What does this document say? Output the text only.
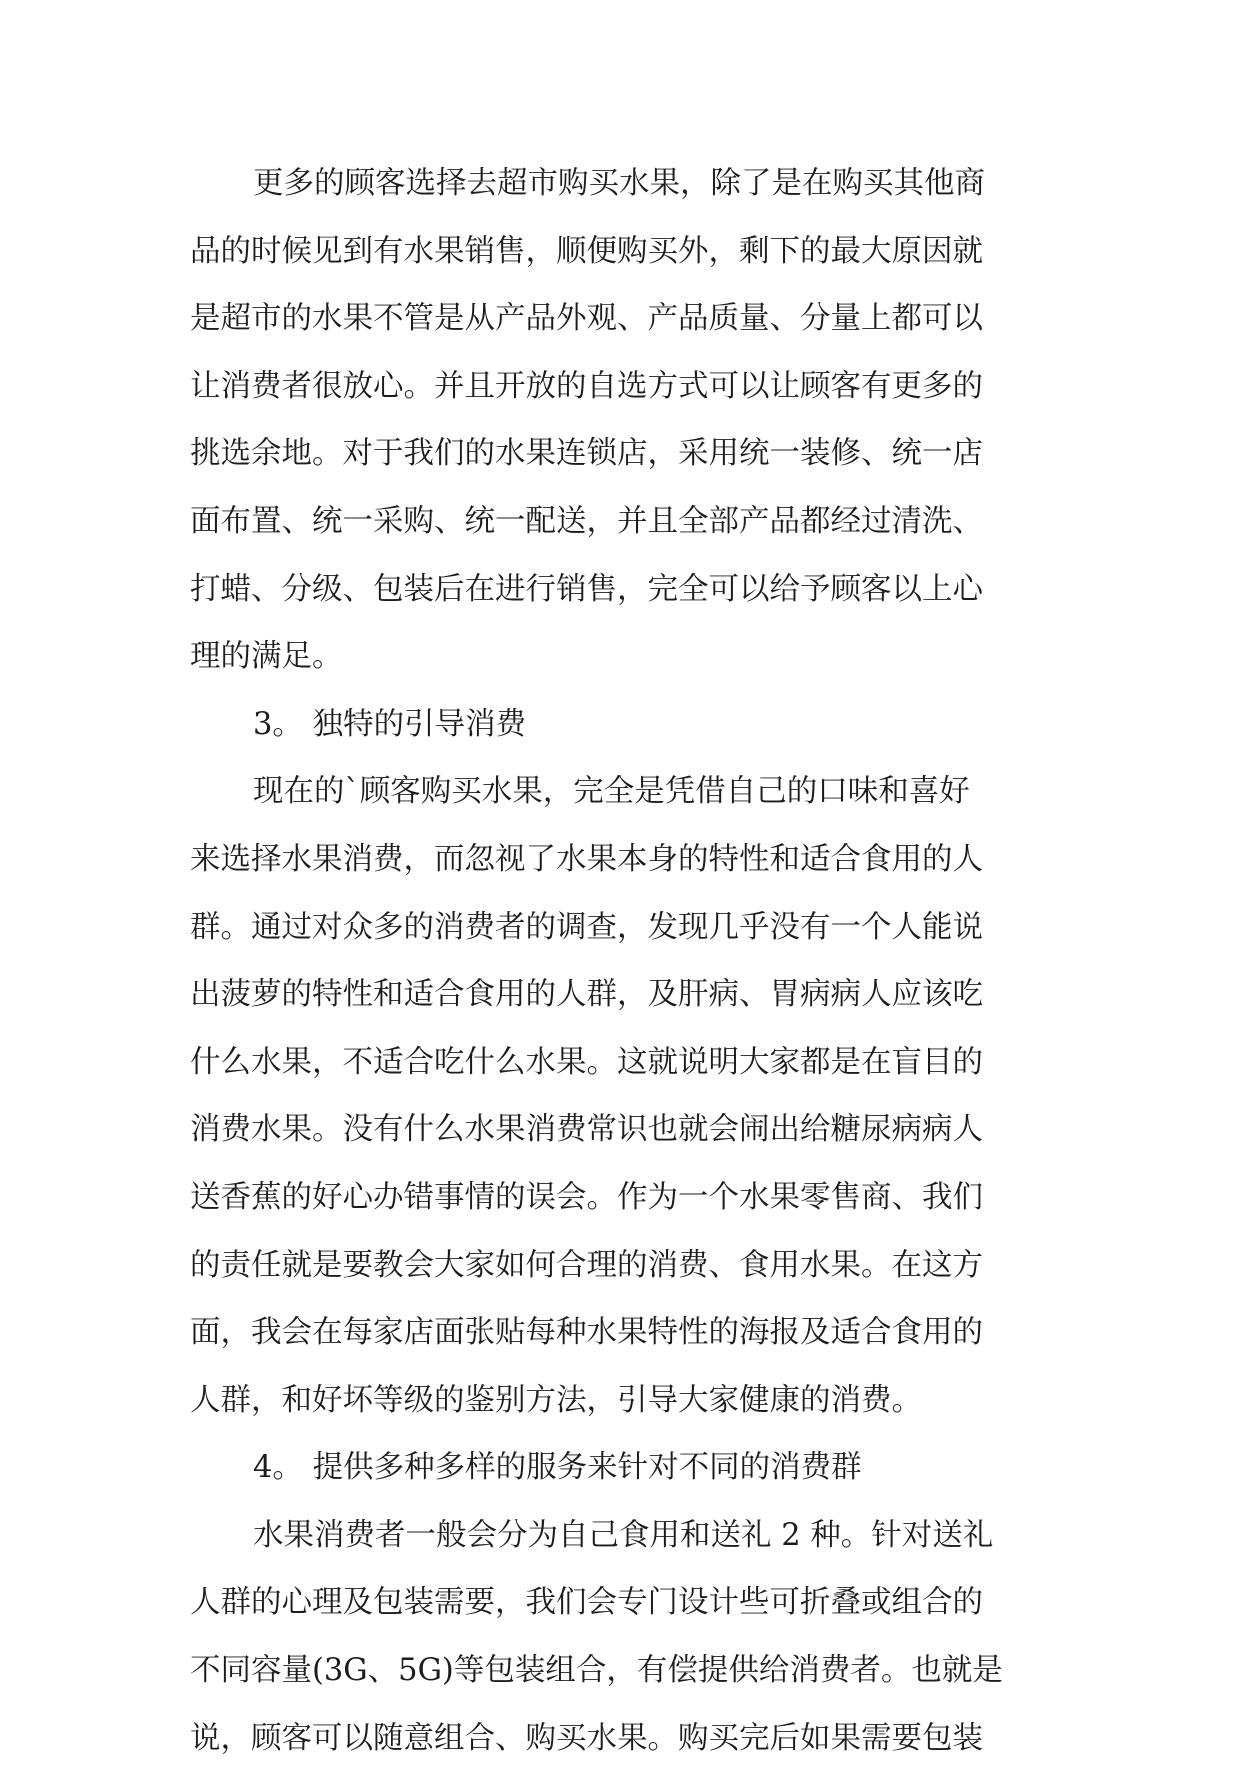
更多的顾客选择去超市购买水果，除了是在购买其他商
品的时候见到有水果销售，顺便购买外，剩下的最大原因就
是超市的水果不管是从产品外观、产品质量、分量上都可以
让消费者很放心。并且开放的自选方式可以让顾客有更多的
挑选余地。对于我们的水果连锁店，采用统一装修、统一店
面布置、统一采购、统一配送，并且全部产品都经过清洗、
打蜡、分级、包装后在进行销售，完全可以给予顾客以上心
理的满足。
3。 独特的引导消费
现在的`顾客购买水果，完全是凭借自己的口味和喜好
来选择水果消费，而忽视了水果本身的特性和适合食用的人
群。通过对众多的消费者的调查，发现几乎没有一个人能说
出菠萝的特性和适合食用的人群，及肝病、胃病病人应该吃
什么水果，不适合吃什么水果。这就说明大家都是在盲目的
消费水果。没有什么水果消费常识也就会闹出给糖尿病病人
送香蕉的好心办错事情的误会。作为一个水果零售商、我们
的责任就是要教会大家如何合理的消费、食用水果。在这方
面，我会在每家店面张贴每种水果特性的海报及适合食用的
人群，和好坏等级的鉴别方法，引导大家健康的消费。
4。 提供多种多样的服务来针对不同的消费群
水果消费者一般会分为自己食用和送礼 2 种。针对送礼
人群的心理及包装需要，我们会专门设计些可折叠或组合的
不同容量(3G、5G)等包装组合，有偿提供给消费者。也就是
说，顾客可以随意组合、购买水果。购买完后如果需要包装
